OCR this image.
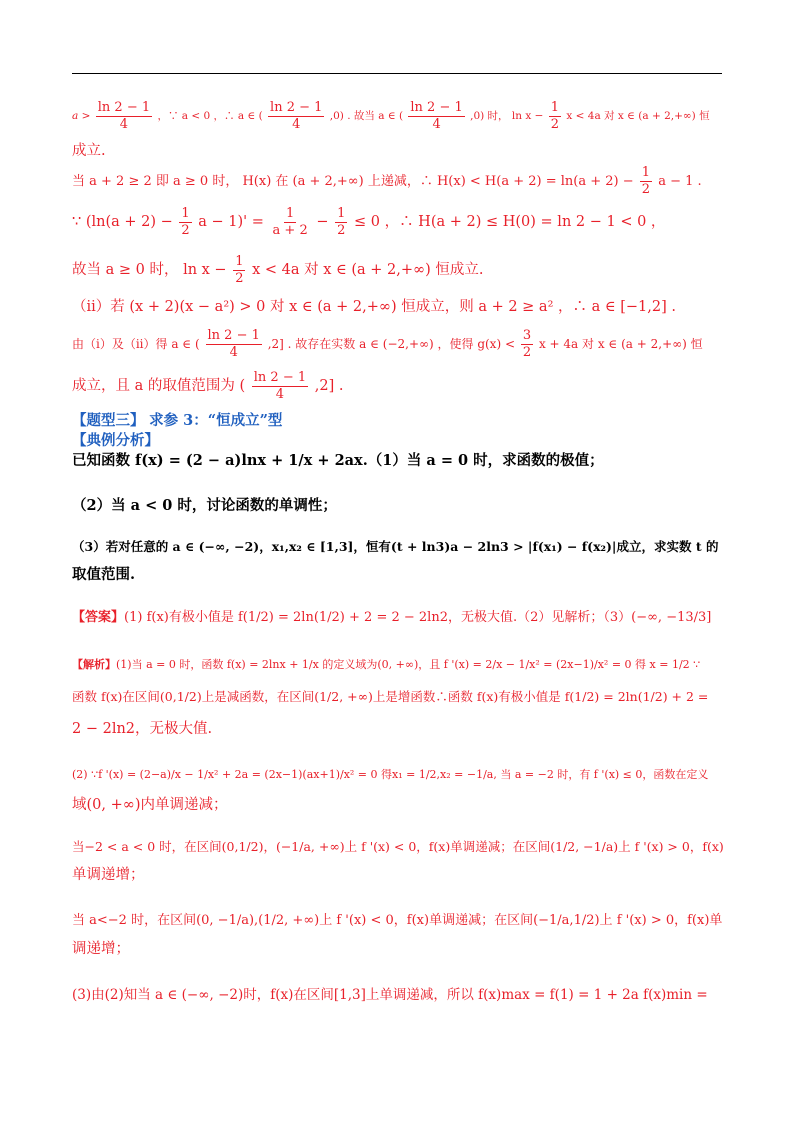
$a > \frac{\ln 2 - 1}{4}$ ，∵ a < 0 ，∴ a ∈ ( $\frac{\ln 2 - 1}{4} ,0$) . 故当 a ∈ ( $\frac{\ln 2 - 1}{4} ,0$) 时， $\ln x - \frac{1}{2}$ x < 4a 对 x ∈ (a + 2,+∞) 恒
成立.
当 a + 2 ≥ 2 即 a ≥ 0 时， H(x) 在 (a + 2,+∞) 上递减，∴ $H(x) < H(a + 2) = \ln(a + 2) - \frac{1}{2}$ a − 1 .
∵ ($\ln(a + 2) - \frac{1}{2}$ $a - 1)' = \frac{1}{a + 2} - \frac{1}{2} \le 0$ ，∴ H(a + 2) ≤ H(0) = ln 2 − 1 < 0 ，
故当 a ≥ 0 时， $\ln x - \frac{1}{2}$ x < 4a 对 x ∈ (a + 2,+∞) 恒成立.
（ii）若 (x + 2)(x − a²) > 0 对 x ∈ (a + 2,+∞) 恒成立，则 a + 2 ≥ a² ，∴ a ∈ [−1,2] .
由（i）及（ii）得 a ∈ ( $\frac{\ln 2 - 1}{4} ,2$] . 故存在实数 a ∈ (−2,+∞) ，使得 $g(x) < \frac{3}{2}$ x + 4a 对 x ∈ (a + 2,+∞) 恒
成立，且 a 的取值范围为 ( $\frac{\ln 2 - 1}{4} ,2$] .
【题型三】 求参 3：“恒成立”型
【典例分析】
已知函数 f(x) = (2 − a)lnx + 1/x + 2ax.（1）当 a = 0 时，求函数的极值；
（2）当 a < 0 时，讨论函数的单调性；
（3）若对任意的 a ∈ (−∞, −2)，x₁,x₂ ∈ [1,3]，恒有(t + ln3)a − 2ln3 > |f(x₁) − f(x₂)|成立，求实数 t 的
取值范围.
【答案】(1) f(x)有极小值是 f(1/2) = 2ln(1/2) + 2 = 2 − 2ln2，无极大值.（2）见解析；（3）(−∞, −13/3]
【解析】(1)当 a = 0 时，函数 f(x) = 2lnx + 1/x 的定义域为(0, +∞)，且 f '(x) = 2/x − 1/x² = (2x−1)/x² = 0 得 x = 1/2 ∵
函数 f(x)在区间(0,1/2)上是减函数，在区间(1/2, +∞)上是增函数∴函数 f(x)有极小值是 f(1/2) = 2ln(1/2) + 2 =
2 − 2ln2，无极大值.
(2) ∵f '(x) = (2−a)/x − 1/x² + 2a = (2x−1)(ax+1)/x² = 0 得x₁ = 1/2,x₂ = −1/a, 当 a = −2 时，有 f '(x) ≤ 0，函数在定义
域(0, +∞)内单调递减；
当−2 < a < 0 时，在区间(0,1/2)，(−1/a, +∞)上 f '(x) < 0，f(x)单调递减；在区间(1/2, −1/a)上 f '(x) > 0，f(x)
单调递增；
当 a<−2 时，在区间(0, −1/a),(1/2, +∞)上 f '(x) < 0，f(x)单调递减；在区间(−1/a,1/2)上 f '(x) > 0，f(x)单
调递增；
(3)由(2)知当 a ∈ (−∞, −2)时，f(x)在区间[1,3]上单调递减，所以 f(x)max = f(1) = 1 + 2a f(x)min =
